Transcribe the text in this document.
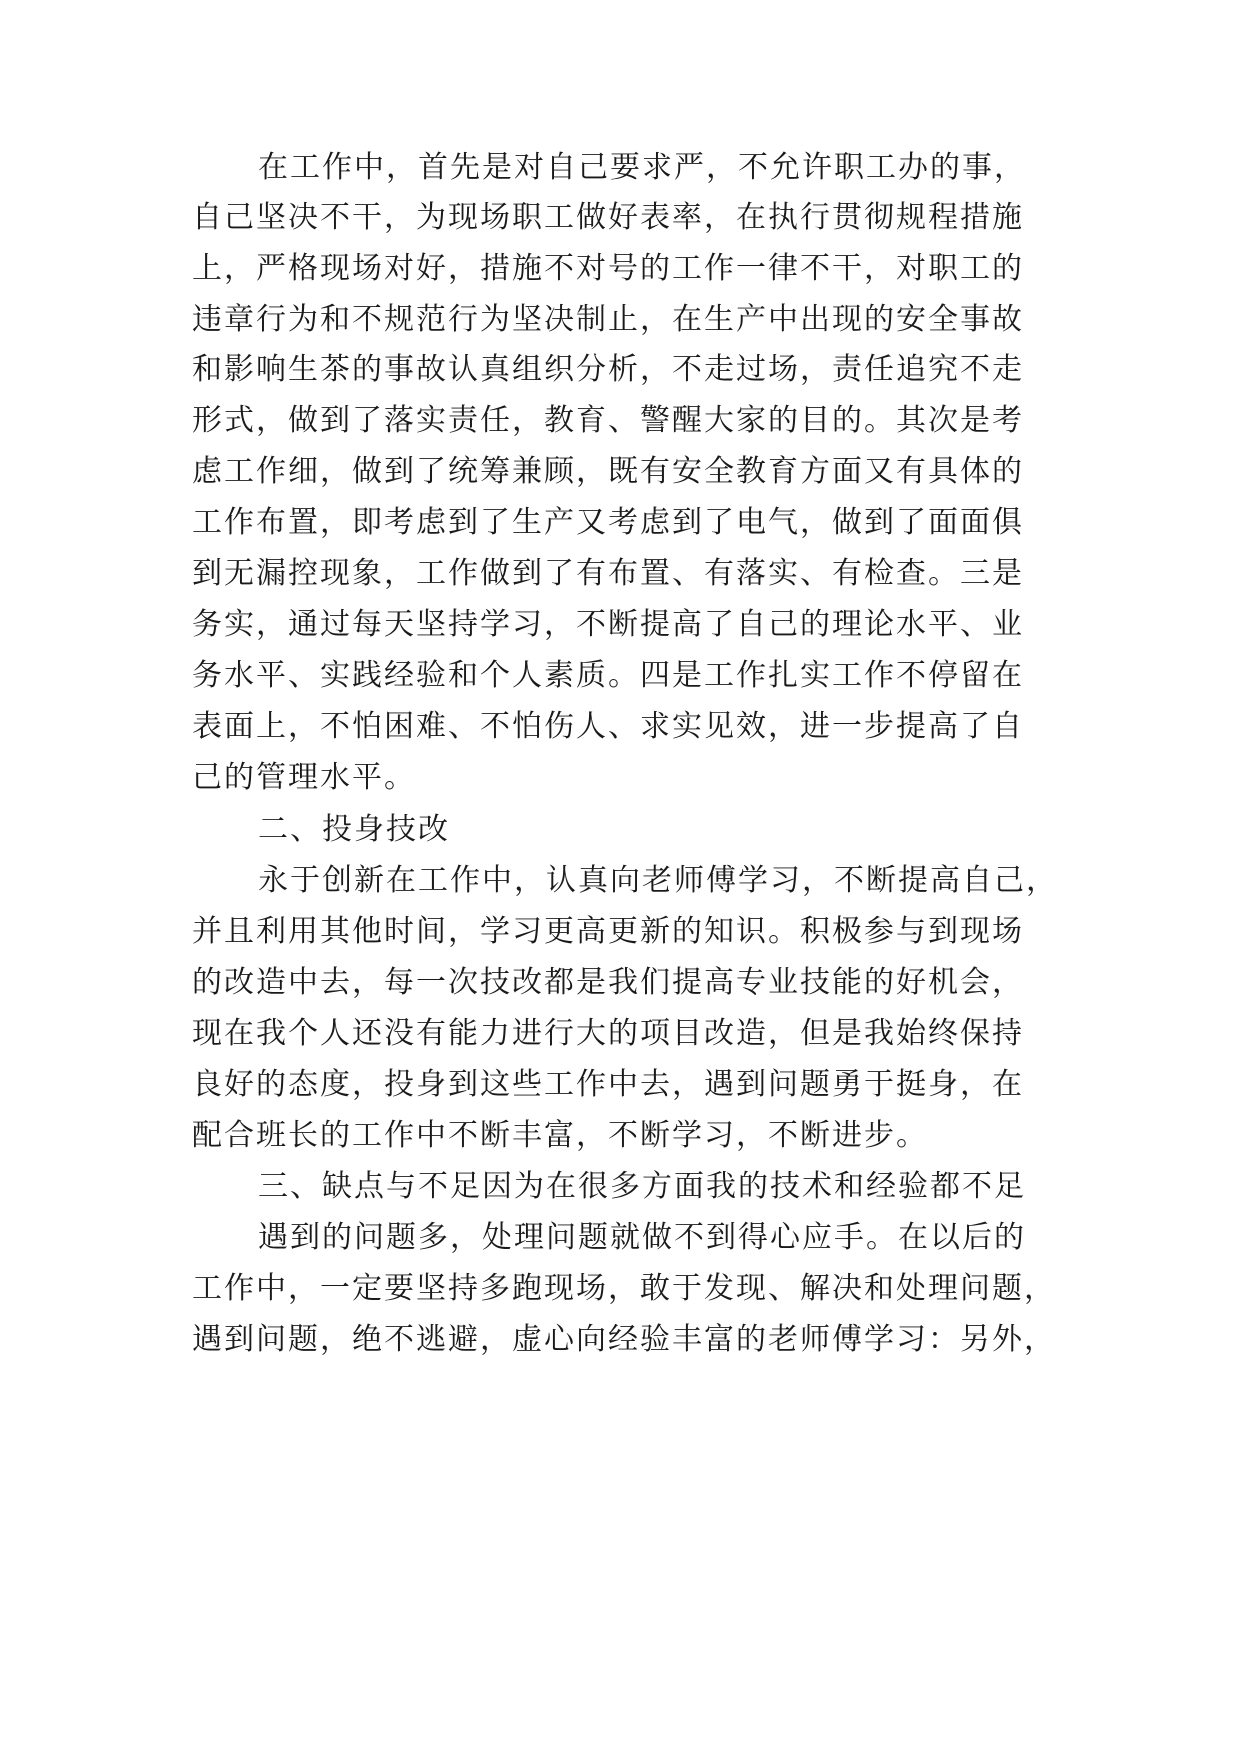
在工作中，首先是对自己要求严，不允许职工办的事，
自己坚决不干，为现场职工做好表率，在执行贯彻规程措施
上，严格现场对好，措施不对号的工作一律不干，对职工的
违章行为和不规范行为坚决制止，在生产中出现的安全事故
和影响生茶的事故认真组织分析，不走过场，责任追究不走
形式，做到了落实责任，教育、警醒大家的目的。其次是考
虑工作细，做到了统筹兼顾，既有安全教育方面又有具体的
工作布置，即考虑到了生产又考虑到了电气，做到了面面俱
到无漏控现象，工作做到了有布置、有落实、有检查。三是
务实，通过每天坚持学习，不断提高了自己的理论水平、业
务水平、实践经验和个人素质。四是工作扎实工作不停留在
表面上，不怕困难、不怕伤人、求实见效，进一步提高了自
己的管理水平。
二、投身技改
永于创新在工作中，认真向老师傅学习，不断提高自己，
并且利用其他时间，学习更高更新的知识。积极参与到现场
的改造中去，每一次技改都是我们提高专业技能的好机会，
现在我个人还没有能力进行大的项目改造，但是我始终保持
良好的态度，投身到这些工作中去，遇到问题勇于挺身，在
配合班长的工作中不断丰富，不断学习，不断进步。
三、缺点与不足因为在很多方面我的技术和经验都不足
遇到的问题多，处理问题就做不到得心应手。在以后的
工作中，一定要坚持多跑现场，敢于发现、解决和处理问题，
遇到问题，绝不逃避，虚心向经验丰富的老师傅学习：另外，
